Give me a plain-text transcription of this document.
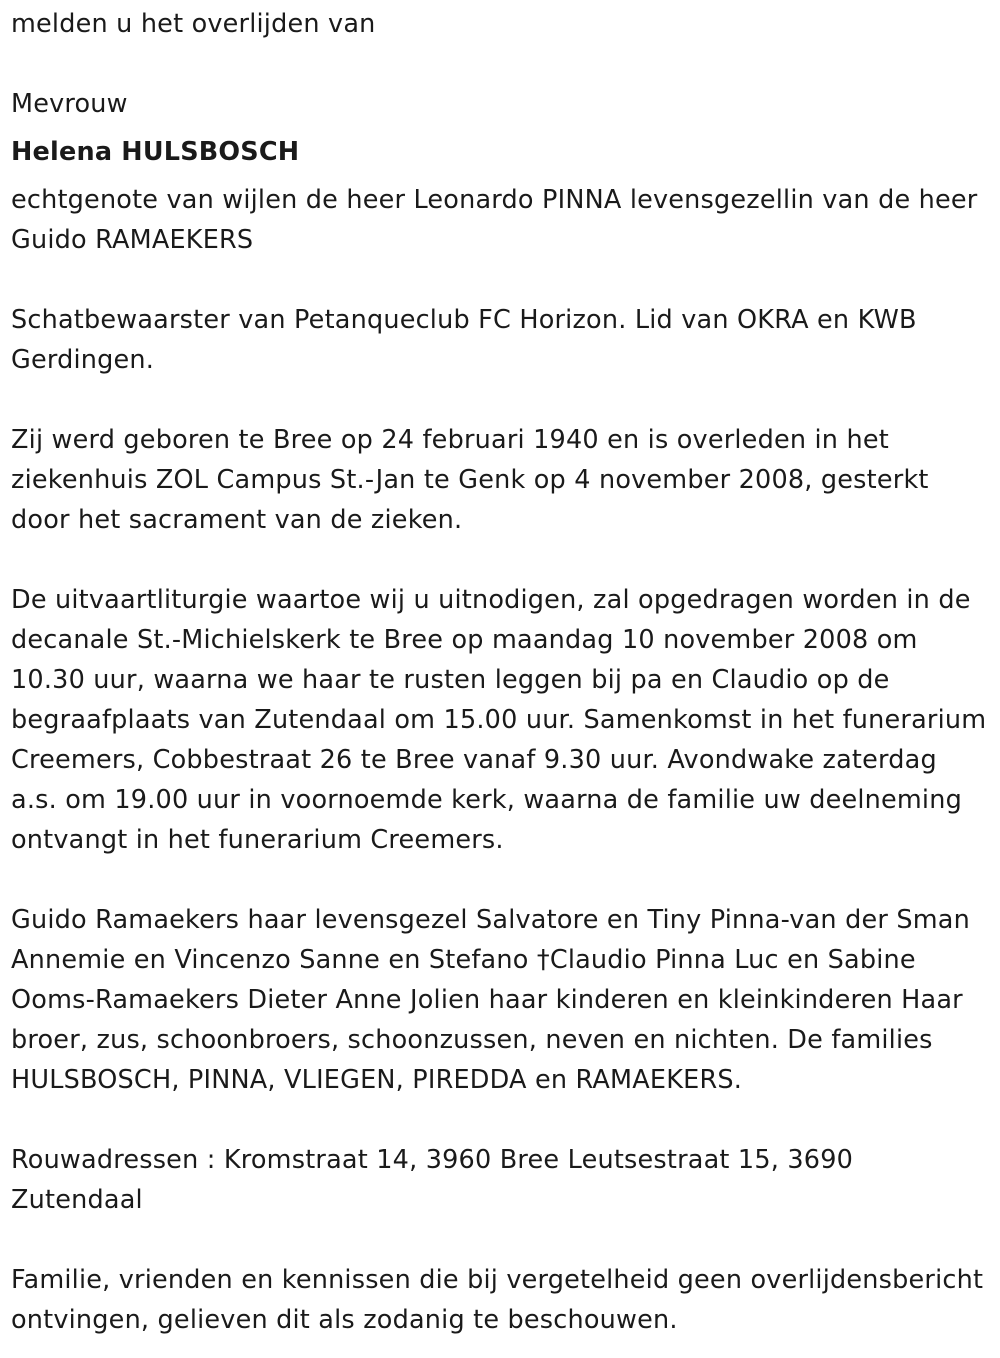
melden u het overlijden van

Mevrouw

Helena HULSBOSCH

echtgenote van wijlen de heer Leonardo PINNA levensgezellin van de heer Guido RAMAEKERS

Schatbewaarster van Petanqueclub FC Horizon. Lid van OKRA en KWB Gerdingen.

Zij werd geboren te Bree op 24 februari 1940 en is overleden in het ziekenhuis ZOL Campus St.-Jan te Genk op 4 november 2008, gesterkt door het sacrament van de zieken.

De uitvaartliturgie waartoe wij u uitnodigen, zal opgedragen worden in de decanale St.-Michielskerk te Bree op maandag 10 november 2008 om 10.30 uur, waarna we haar te rusten leggen bij pa en Claudio op de begraafplaats van Zutendaal om 15.00 uur. Samenkomst in het funerarium Creemers, Cobbestraat 26 te Bree vanaf 9.30 uur. Avondwake zaterdag a.s. om 19.00 uur in voornoemde kerk, waarna de familie uw deelneming ontvangt in het funerarium Creemers.

Guido Ramaekers haar levensgezel Salvatore en Tiny Pinna-van der Sman Annemie en Vincenzo Sanne en Stefano †Claudio Pinna Luc en Sabine Ooms-Ramaekers Dieter Anne Jolien haar kinderen en kleinkinderen Haar broer, zus, schoonbroers, schoonzussen, neven en nichten. De families HULSBOSCH, PINNA, VLIEGEN, PIREDDA en RAMAEKERS.

Rouwadressen : Kromstraat 14, 3960 Bree Leutsestraat 15, 3690 Zutendaal

Familie, vrienden en kennissen die bij vergetelheid geen overlijdensbericht ontvingen, gelieven dit als zodanig te beschouwen.
